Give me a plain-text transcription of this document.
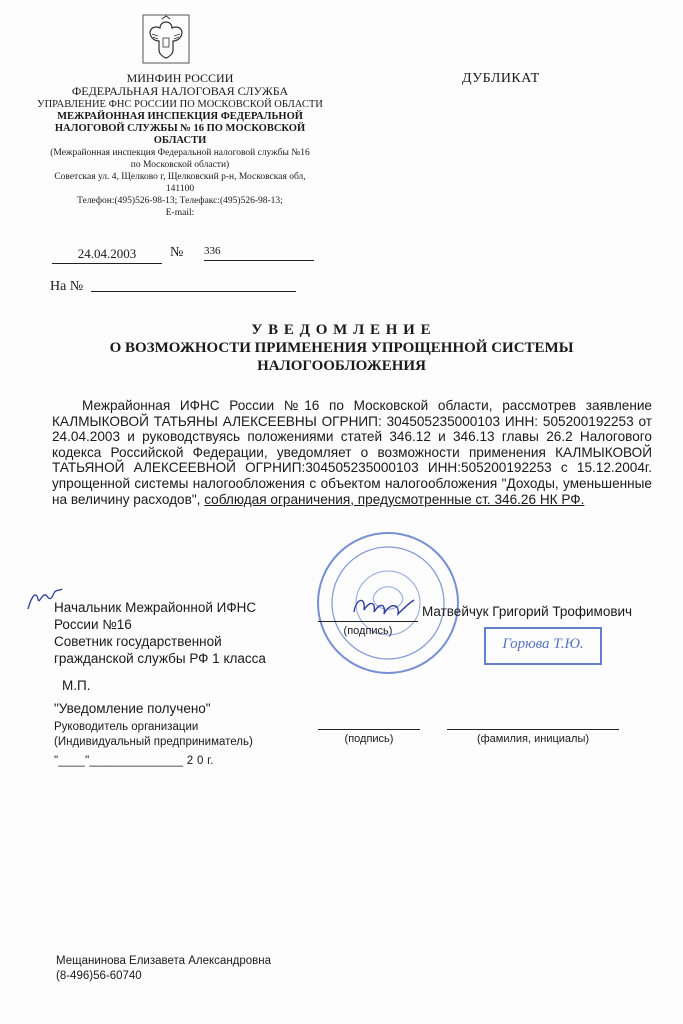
МИНФИН РОССИИ
ФЕДЕРАЛЬНАЯ НАЛОГОВАЯ СЛУЖБА
УПРАВЛЕНИЕ ФНС РОССИИ ПО МОСКОВСКОЙ ОБЛАСТИ
МЕЖРАЙОННАЯ ИНСПЕКЦИЯ ФЕДЕРАЛЬНОЙ
НАЛОГОВОЙ СЛУЖБЫ № 16 ПО МОСКОВСКОЙ
ОБЛАСТИ
(Межрайонная инспекция Федеральной налоговой службы №16
по Московской области)
Советская ул. 4, Щелково г, Щелковский р-н, Московская обл,
141100
Телефон:(495)526-98-13; Телефакс:(495)526-98-13;
E-mail:
ДУБЛИКАТ
24.04.2003	№ 336
На №
У В Е Д О М Л Е Н И Е
О ВОЗМОЖНОСТИ ПРИМЕНЕНИЯ УПРОЩЕННОЙ СИСТЕМЫ
НАЛОГООБЛОЖЕНИЯ
Межрайонная ИФНС России №16 по Московской области, рассмотрев заявление КАЛМЫКОВОЙ ТАТЬЯНЫ АЛЕКСЕЕВНЫ ОГРНИП: 304505235000103 ИНН: 505200192253 от 24.04.2003 и руководствуясь положениями статей 346.12 и 346.13 главы 26.2 Налогового кодекса Российской Федерации, уведомляет о возможности применения КАЛМЫКОВОЙ ТАТЬЯНОЙ АЛЕКСЕЕВНОЙ ОГРНИП:304505235000103 ИНН:505200192253 с 15.12.2004г. упрощенной системы налогообложения с объектом налогообложения "Доходы, уменьшенные на величину расходов", соблюдая ограничения, предусмотренные ст. 346.26 НК РФ.
Начальник Межрайонной ИФНС
России №16
Советник государственной
гражданской службы РФ 1 класса
(подпись)
Матвейчук Григорий Трофимович
Горюва Т.Ю.
М.П.
"Уведомление получено"
Руководитель организации
(Индивидуальный предприниматель)
"____"______________ 2 0 г.
(подпись)	(фамилия, инициалы)
Мещанинова Елизавета Александровна
(8-496)56-60740
